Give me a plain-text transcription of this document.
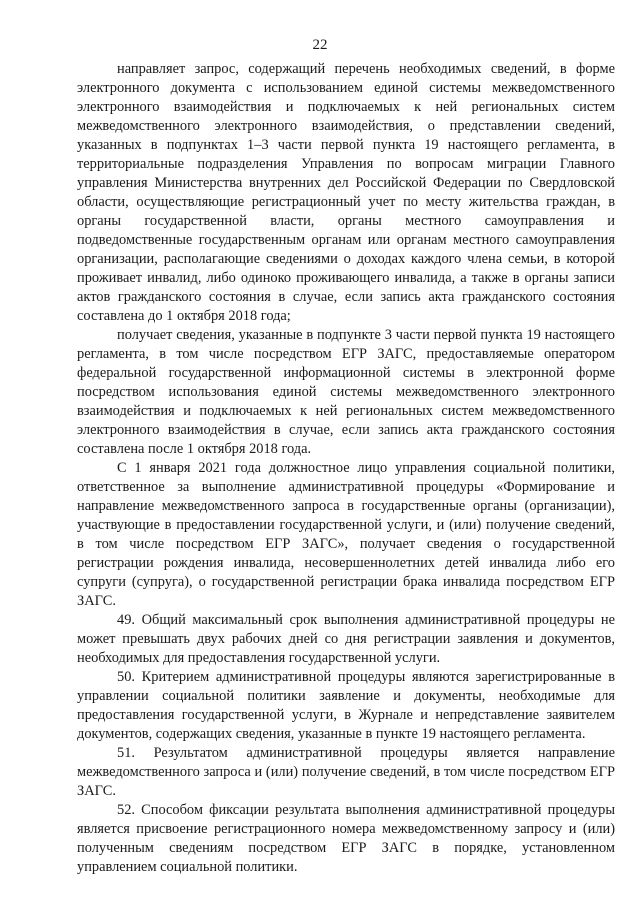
22

направляет запрос, содержащий перечень необходимых сведений, в форме электронного документа с использованием единой системы межведомственного электронного взаимодействия и подключаемых к ней региональных систем межведомственного электронного взаимодействия, о представлении сведений, указанных в подпунктах 1–3 части первой пункта 19 настоящего регламента, в территориальные подразделения Управления по вопросам миграции Главного управления Министерства внутренних дел Российской Федерации по Свердловской области, осуществляющие регистрационный учет по месту жительства граждан, в органы государственной власти, органы местного самоуправления и подведомственные государственным органам или органам местного самоуправления организации, располагающие сведениями о доходах каждого члена семьи, в которой проживает инвалид, либо одиноко проживающего инвалида, а также в органы записи актов гражданского состояния в случае, если запись акта гражданского состояния составлена до 1 октября 2018 года;

получает сведения, указанные в подпункте 3 части первой пункта 19 настоящего регламента, в том числе посредством ЕГР ЗАГС, предоставляемые оператором федеральной государственной информационной системы в электронной форме посредством использования единой системы межведомственного электронного взаимодействия и подключаемых к ней региональных систем межведомственного электронного взаимодействия в случае, если запись акта гражданского состояния составлена после 1 октября 2018 года.

С 1 января 2021 года должностное лицо управления социальной политики, ответственное за выполнение административной процедуры «Формирование и направление межведомственного запроса в государственные органы (организации), участвующие в предоставлении государственной услуги, и (или) получение сведений, в том числе посредством ЕГР ЗАГС», получает сведения о государственной регистрации рождения инвалида, несовершеннолетних детей инвалида либо его супруги (супруга), о государственной регистрации брака инвалида посредством ЕГР ЗАГС.

49. Общий максимальный срок выполнения административной процедуры не может превышать двух рабочих дней со дня регистрации заявления и документов, необходимых для предоставления государственной услуги.

50. Критерием административной процедуры являются зарегистрированные в управлении социальной политики заявление и документы, необходимые для предоставления государственной услуги, в Журнале и непредставление заявителем документов, содержащих сведения, указанные в пункте 19 настоящего регламента.

51. Результатом административной процедуры является направление межведомственного запроса и (или) получение сведений, в том числе посредством ЕГР ЗАГС.

52. Способом фиксации результата выполнения административной процедуры является присвоение регистрационного номера межведомственному запросу и (или) полученным сведениям посредством ЕГР ЗАГС в порядке, установленном управлением социальной политики.
